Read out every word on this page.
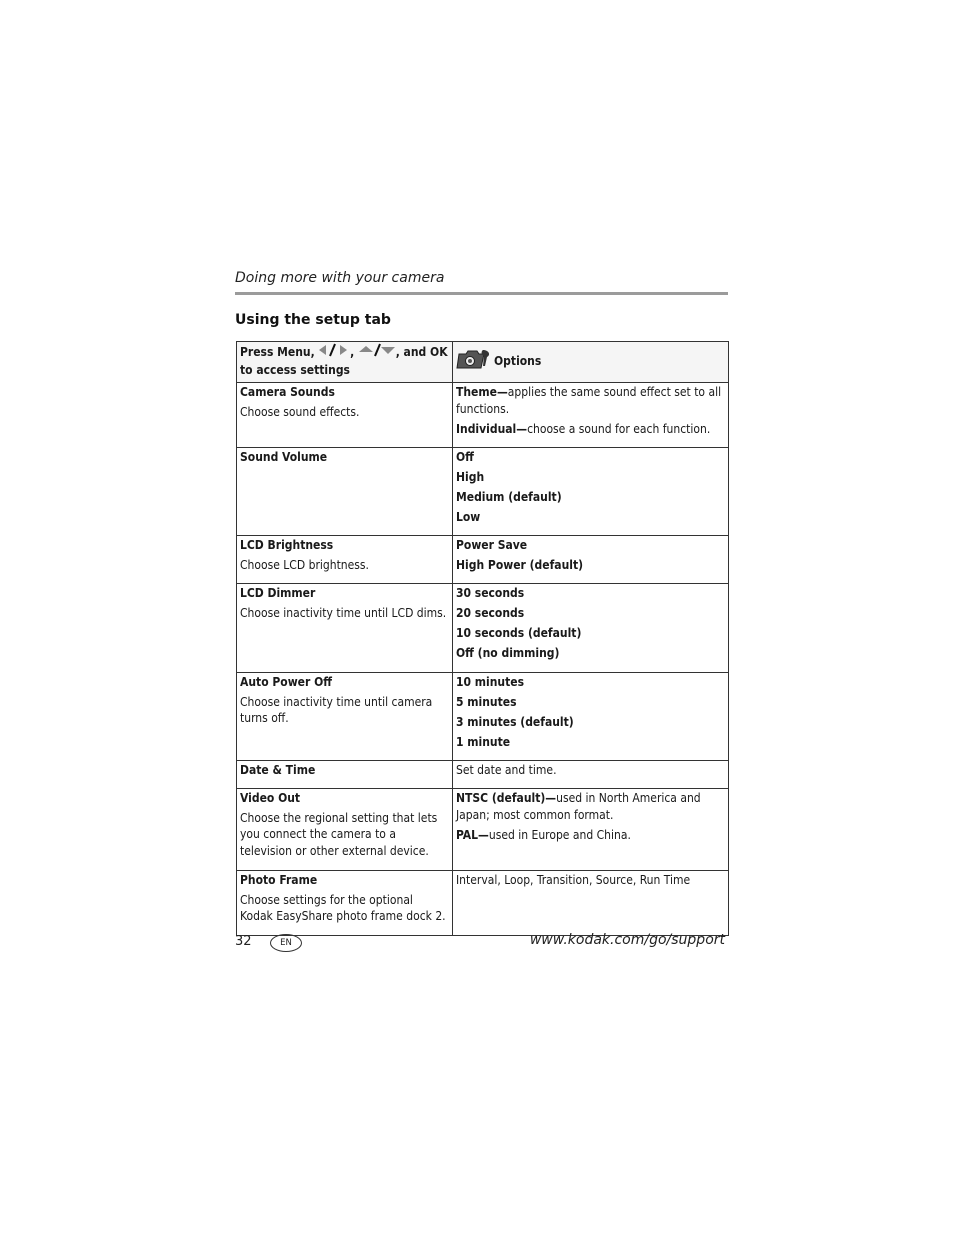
Doing more with your camera
Using the setup tab
Press Menu, , , and OK
to access settings	Options

Camera Sounds
Choose sound effects.	Theme—applies the same sound effect set to all functions.
Individual—choose a sound for each function.

Sound Volume	Off
High
Medium (default)
Low

LCD Brightness
Choose LCD brightness.	Power Save
High Power (default)

LCD Dimmer
Choose inactivity time until LCD dims.	30 seconds
20 seconds
10 seconds (default)
Off (no dimming)

Auto Power Off
Choose inactivity time until camera turns off.	10 minutes
5 minutes
3 minutes (default)
1 minute

Date & Time	Set date and time.

Video Out
Choose the regional setting that lets you connect the camera to a television or other external device.	NTSC (default)—used in North America and Japan; most common format.
PAL—used in Europe and China.

Photo Frame
Choose settings for the optional Kodak EasyShare photo frame dock 2.	Interval, Loop, Transition, Source, Run Time
32	EN	www.kodak.com/go/support
